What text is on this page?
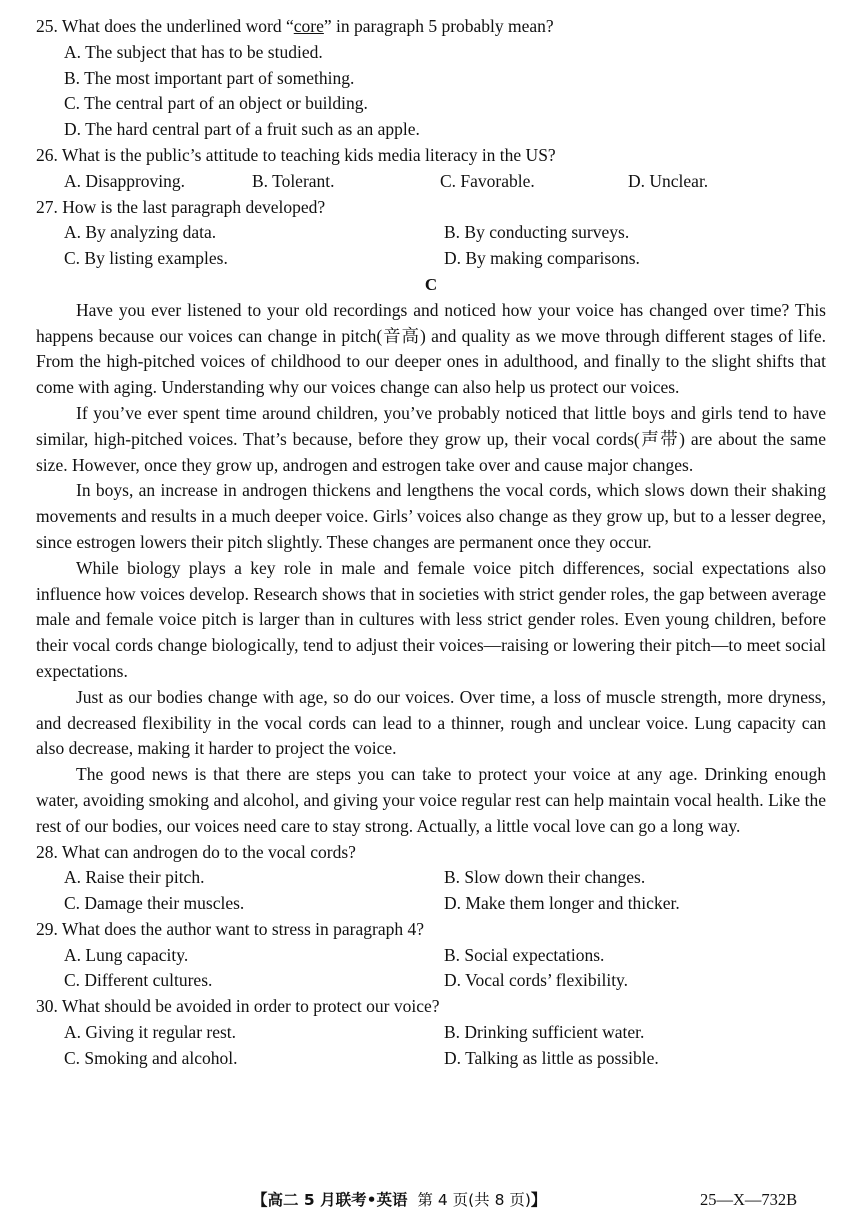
25. What does the underlined word “core” in paragraph 5 probably mean?
A. The subject that has to be studied.
B. The most important part of something.
C. The central part of an object or building.
D. The hard central part of a fruit such as an apple.
26. What is the public’s attitude to teaching kids media literacy in the US?
A. Disapproving.	B. Tolerant.	C. Favorable.	D. Unclear.
27. How is the last paragraph developed?
A. By analyzing data.	B. By conducting surveys.
C. By listing examples.	D. By making comparisons.
C
Have you ever listened to your old recordings and noticed how your voice has changed over time? This happens because our voices can change in pitch(音高) and quality as we move through different stages of life. From the high-pitched voices of childhood to our deeper ones in adulthood, and finally to the slight shifts that come with aging. Understanding why our voices change can also help us protect our voices.
If you’ve ever spent time around children, you’ve probably noticed that little boys and girls tend to have similar, high-pitched voices. That’s because, before they grow up, their vocal cords(声带) are about the same size. However, once they grow up, androgen and estrogen take over and cause major changes.
In boys, an increase in androgen thickens and lengthens the vocal cords, which slows down their shaking movements and results in a much deeper voice. Girls’ voices also change as they grow up, but to a lesser degree, since estrogen lowers their pitch slightly. These changes are permanent once they occur.
While biology plays a key role in male and female voice pitch differences, social expectations also influence how voices develop. Research shows that in societies with strict gender roles, the gap between average male and female voice pitch is larger than in cultures with less strict gender roles. Even young children, before their vocal cords change biologically, tend to adjust their voices—raising or lowering their pitch—to meet social expectations.
Just as our bodies change with age, so do our voices. Over time, a loss of muscle strength, more dryness, and decreased flexibility in the vocal cords can lead to a thinner, rough and unclear voice. Lung capacity can also decrease, making it harder to project the voice.
The good news is that there are steps you can take to protect your voice at any age. Drinking enough water, avoiding smoking and alcohol, and giving your voice regular rest can help maintain vocal health. Like the rest of our bodies, our voices need care to stay strong. Actually, a little vocal love can go a long way.
28. What can androgen do to the vocal cords?
A. Raise their pitch.	B. Slow down their changes.
C. Damage their muscles.	D. Make them longer and thicker.
29. What does the author want to stress in paragraph 4?
A. Lung capacity.	B. Social expectations.
C. Different cultures.	D. Vocal cords’ flexibility.
30. What should be avoided in order to protect our voice?
A. Giving it regular rest.	B. Drinking sufficient water.
C. Smoking and alcohol.	D. Talking as little as possible.
【高二 5 月联考•英语 第 4 页(共 8 页)】	25—X—732B
